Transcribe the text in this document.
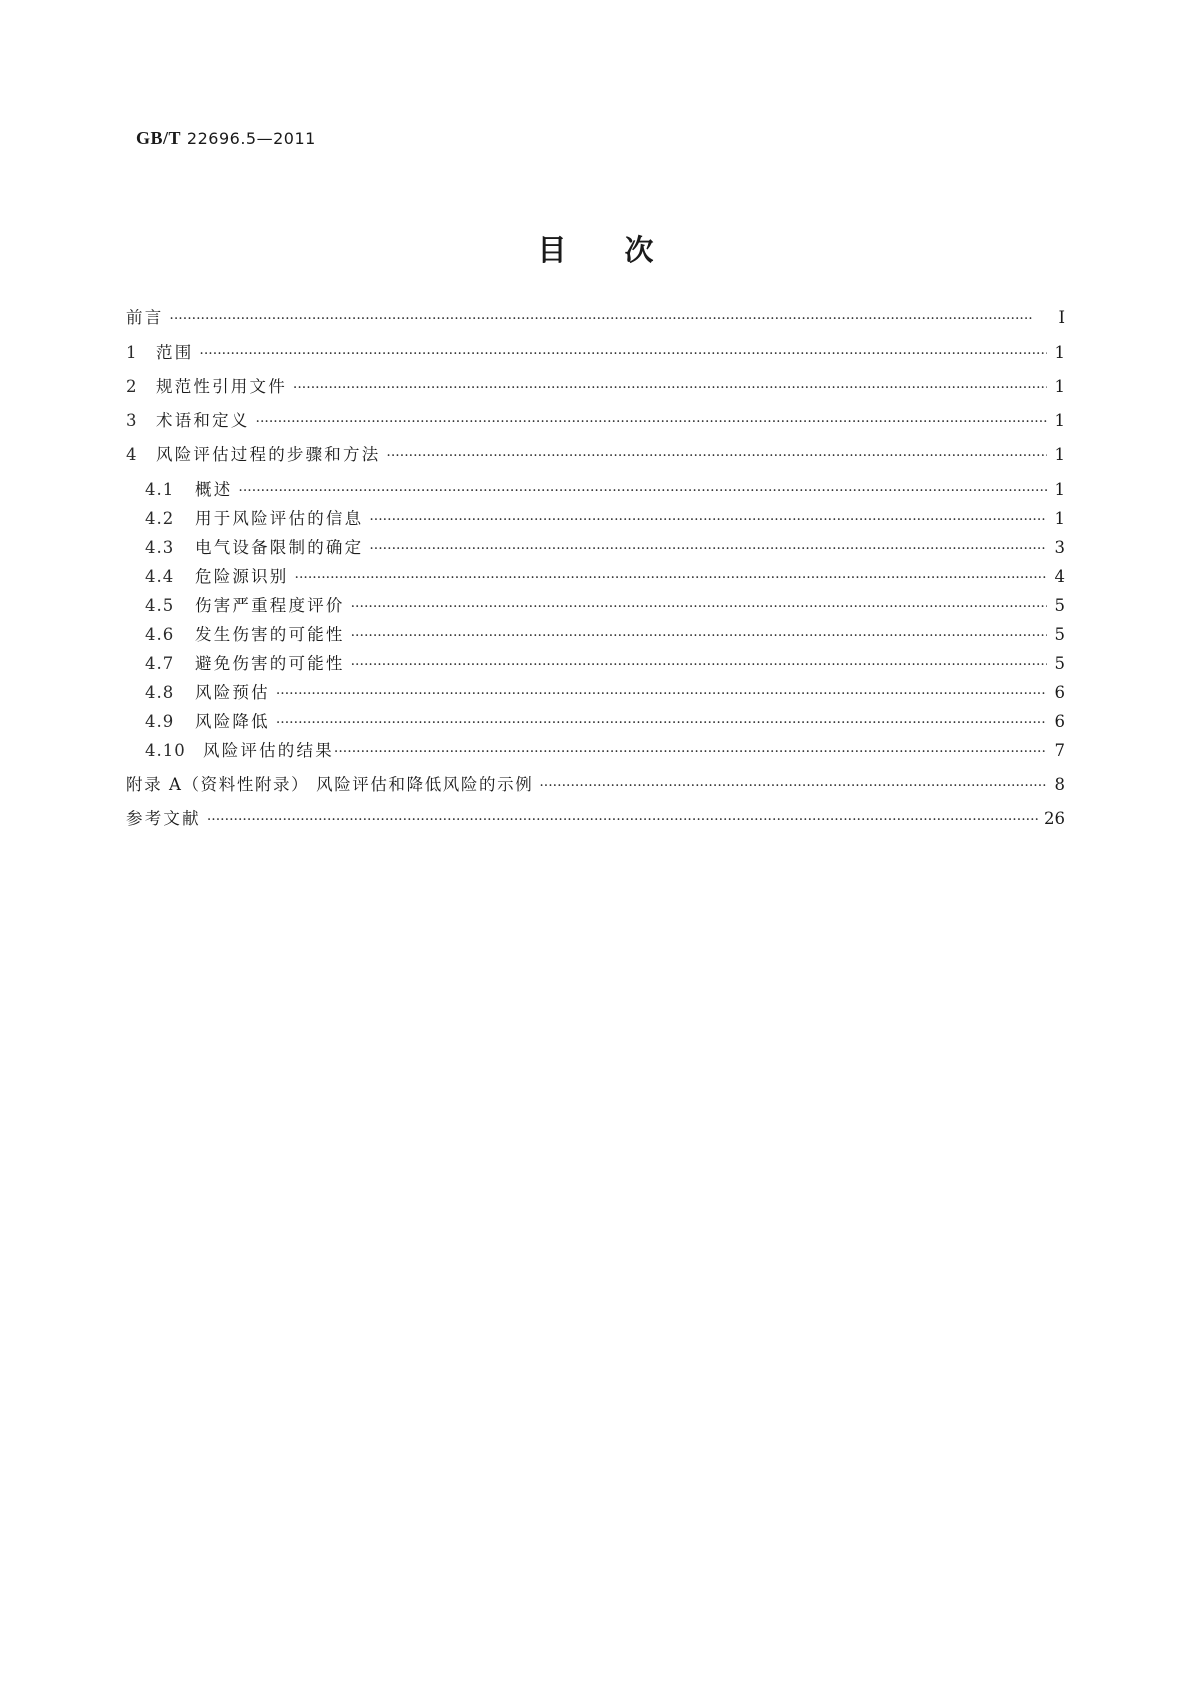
GB/T 22696.5—2011
目次
前言 ·····	Ⅰ
1	范围 ·····	1
2	规范性引用文件 ·····	1
3	术语和定义 ·····	1
4	风险评估过程的步骤和方法 ·····	1
4.1	概述 ·····	1
4.2	用于风险评估的信息 ·····	1
4.3	电气设备限制的确定 ·····	3
4.4	危险源识别 ·····	4
4.5	伤害严重程度评价 ·····	5
4.6	发生伤害的可能性 ·····	5
4.7	避免伤害的可能性 ·····	5
4.8	风险预估 ·····	6
4.9	风险降低 ·····	6
4.10	风险评估的结果 ·····	7
附录 A（资料性附录） 风险评估和降低风险的示例 ·····	8
参考文献 ·····	26
